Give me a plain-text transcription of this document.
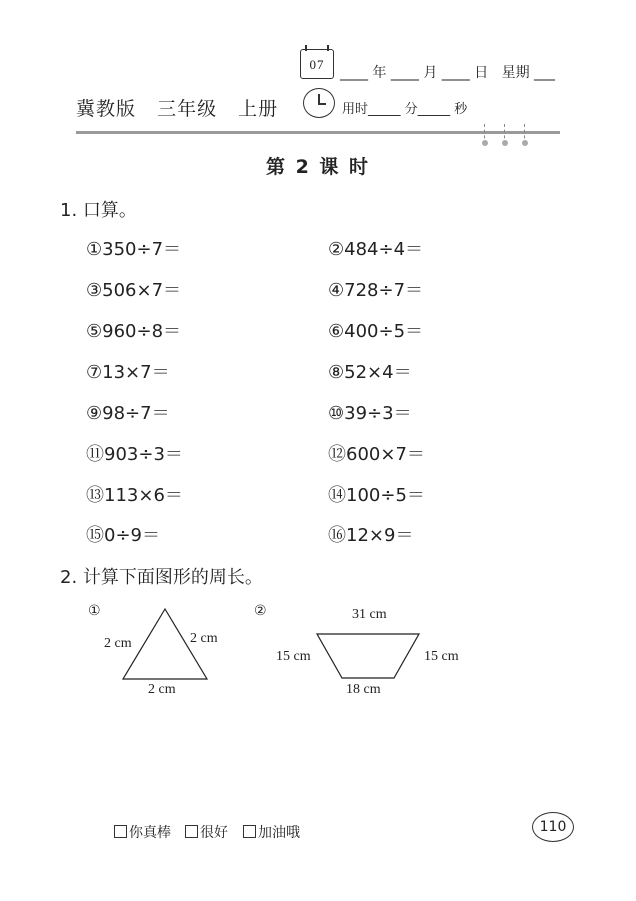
07
____ 年 ____ 月 ____ 日   星期 ___
用时_____ 分_____ 秒
冀教版 三年级 上册
第 2 课 时
1. 口算。
①350÷7＝	②484÷4＝
③506×7＝	④728÷7＝
⑤960÷8＝	⑥400÷5＝
⑦13×7＝	⑧52×4＝
⑨98÷7＝	⑩39÷3＝
⑪903÷3＝	⑫600×7＝
⑬113×6＝	⑭100÷5＝
⑮0÷9＝	⑯12×9＝
2. 计算下面图形的周长。
①
2 cm	2 cm
2 cm
②	31 cm
15 cm	15 cm
18 cm
你真棒	很好	加油哦	110
